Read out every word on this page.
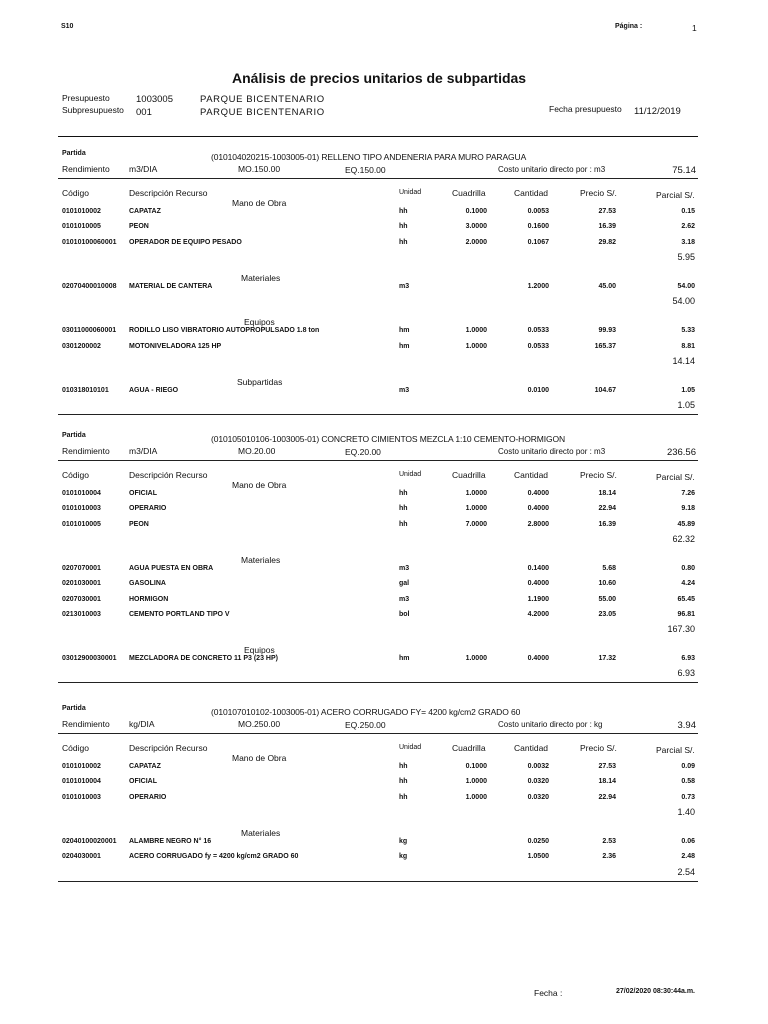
S10	Página :	1
Análisis de precios unitarios de subpartidas
Presupuesto	1003005	PARQUE BICENTENARIO
Subpresupuesto 001	PARQUE BICENTENARIO	Fecha presupuesto 11/12/2019
Partida	(010104020215-1003005-01) RELLENO TIPO ANDENERIA PARA MURO PARAGUA
Rendimiento m3/DIA	MO.150.00	EQ.150.00	Costo unitario directo por : m3	75.14
Código	Descripción Recurso	Unidad	Cuadrilla	Cantidad	Precio S/.	Parcial S/.
Mano de Obra
0101010002	CAPATAZ	hh	0.1000	0.0053	27.53	0.15
0101010005	PEON	hh	3.0000	0.1600	16.39	2.62
01010100060001 OPERADOR DE EQUIPO PESADO	hh	2.0000	0.1067	29.82	3.18
5.95
Materiales
02070400010008 MATERIAL DE CANTERA	m3	1.2000	45.00	54.00
54.00
Equipos
03011000060001 RODILLO LISO VIBRATORIO AUTOPROPULSADO 1.8 ton	hm	1.0000	0.0533	99.93	5.33
0301200002	MOTONIVELADORA 125 HP	hm	1.0000	0.0533	165.37	8.81
14.14
Subpartidas
010318010101	AGUA - RIEGO	m3	0.0100	104.67	1.05
1.05
Partida	(010105010106-1003005-01) CONCRETO CIMIENTOS MEZCLA 1:10 CEMENTO-HORMIGON
Rendimiento m3/DIA	MO.20.00	EQ.20.00	Costo unitario directo por : m3	236.56
Código	Descripción Recurso	Unidad	Cuadrilla	Cantidad	Precio S/.	Parcial S/.
Mano de Obra
0101010004	OFICIAL	hh	1.0000	0.4000	18.14	7.26
0101010003	OPERARIO	hh	1.0000	0.4000	22.94	9.18
0101010005	PEON	hh	7.0000	2.8000	16.39	45.89
62.32
Materiales
0207070001	AGUA PUESTA EN OBRA	m3	0.1400	5.68	0.80
0201030001	GASOLINA	gal	0.4000	10.60	4.24
0207030001	HORMIGON	m3	1.1900	55.00	65.45
0213010003	CEMENTO PORTLAND TIPO V	bol	4.2000	23.05	96.81
167.30
Equipos
03012900030001 MEZCLADORA DE CONCRETO 11 P3 (23 HP)	hm	1.0000	0.4000	17.32	6.93
6.93
Partida	(010107010102-1003005-01) ACERO CORRUGADO FY= 4200 kg/cm2 GRADO 60
Rendimiento kg/DIA	MO.250.00	EQ.250.00	Costo unitario directo por : kg	3.94
Código	Descripción Recurso	Unidad	Cuadrilla	Cantidad	Precio S/.	Parcial S/.
Mano de Obra
0101010002	CAPATAZ	hh	0.1000	0.0032	27.53	0.09
0101010004	OFICIAL	hh	1.0000	0.0320	18.14	0.58
0101010003	OPERARIO	hh	1.0000	0.0320	22.94	0.73
1.40
Materiales
02040100020001 ALAMBRE NEGRO N° 16	kg	0.0250	2.53	0.06
0204030001	ACERO CORRUGADO fy = 4200 kg/cm2 GRADO 60	kg	1.0500	2.36	2.48
2.54
Fecha :	27/02/2020 08:30:44a.m.
